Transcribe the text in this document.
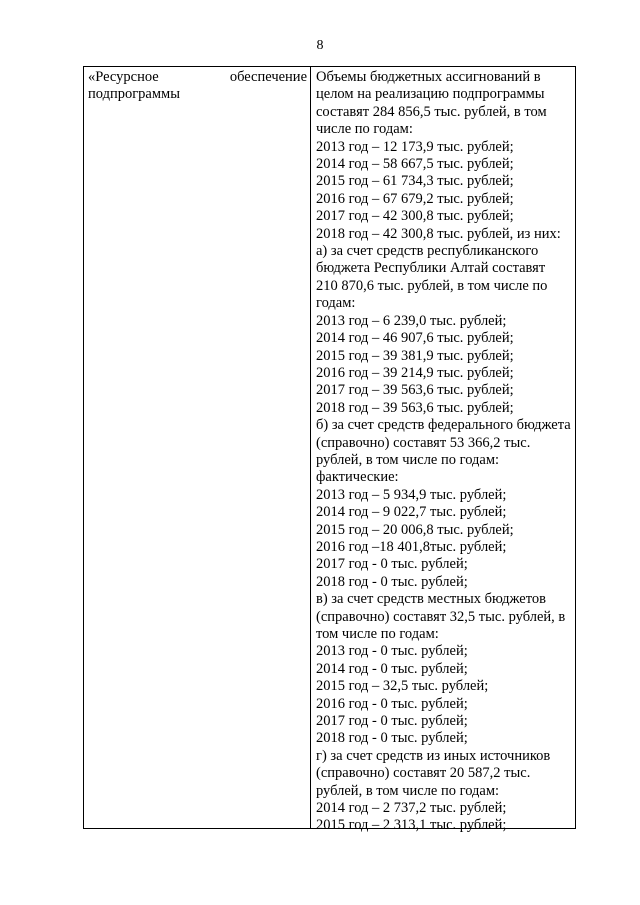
8
«Ресурсное	обеспечение
подпрограммы
Объемы бюджетных ассигнований в
целом на реализацию подпрограммы
составят 284 856,5 тыс. рублей, в том
числе по годам:
2013 год – 12 173,9 тыс. рублей;
2014 год – 58 667,5 тыс. рублей;
2015 год – 61 734,3 тыс. рублей;
2016 год – 67 679,2 тыс. рублей;
2017 год – 42 300,8 тыс. рублей;
2018 год – 42 300,8 тыс. рублей, из них:
а) за счет средств республиканского
бюджета Республики Алтай составят
210 870,6 тыс. рублей, в том числе по
годам:
2013 год – 6 239,0 тыс. рублей;
2014 год – 46 907,6 тыс. рублей;
2015 год – 39 381,9 тыс. рублей;
2016 год – 39 214,9 тыс. рублей;
2017 год – 39 563,6 тыс. рублей;
2018 год – 39 563,6 тыс. рублей;
б) за счет средств федерального бюджета
(справочно) составят 53 366,2 тыс.
рублей, в том числе по годам:
фактические:
2013 год – 5 934,9 тыс. рублей;
2014 год – 9 022,7 тыс. рублей;
2015 год – 20 006,8 тыс. рублей;
2016 год –18 401,8тыс. рублей;
2017 год - 0 тыс. рублей;
2018 год - 0 тыс. рублей;
в) за счет средств местных бюджетов
(справочно) составят 32,5 тыс. рублей, в
том числе по годам:
2013 год - 0 тыс. рублей;
2014 год - 0 тыс. рублей;
2015 год – 32,5 тыс. рублей;
2016 год - 0 тыс. рублей;
2017 год - 0 тыс. рублей;
2018 год - 0 тыс. рублей;
г) за счет средств из иных источников
(справочно) составят 20 587,2 тыс.
рублей, в том числе по годам:
2014 год – 2 737,2 тыс. рублей;
2015 год – 2 313,1 тыс. рублей;
